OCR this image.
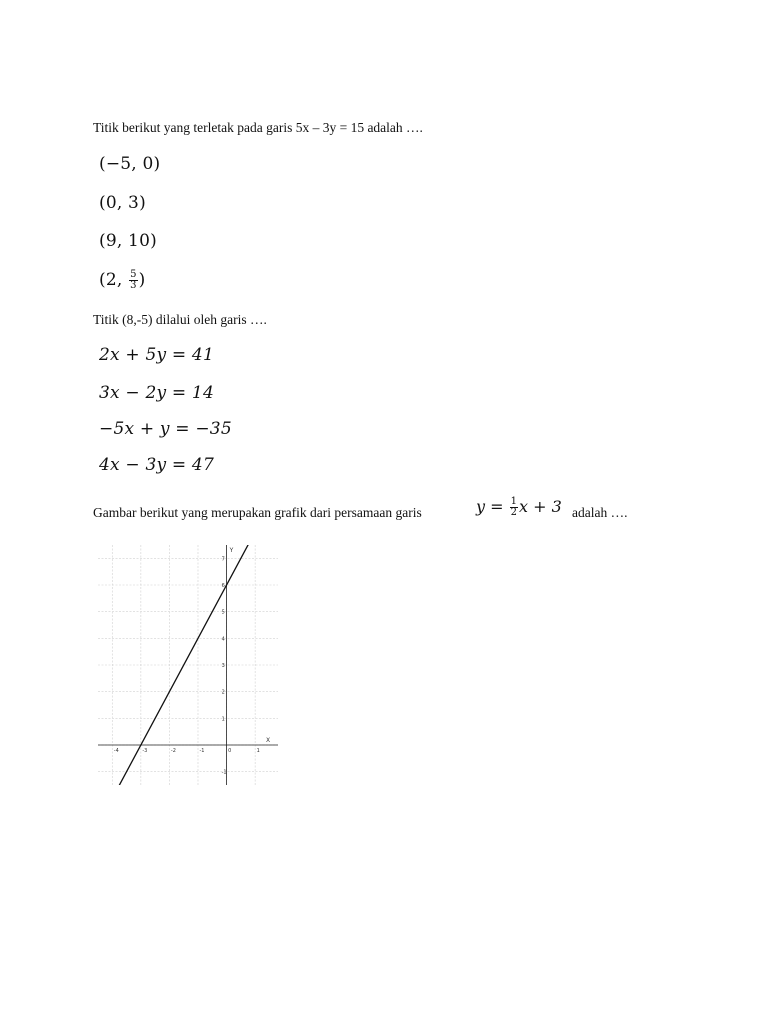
Titik berikut yang terletak pada garis 5x – 3y = 15 adalah ….
(−5, 0)
(0, 3)
(9, 10)
(2, $\frac{5}{3}$ )
Titik (8,-5) dilalui oleh garis ….
2x + 5y = 41
3x − 2y = 14
−5x + y = −35
4x − 3y = 47
Gambar berikut yang merupakan grafik dari persamaan garis	$y = \frac{1}{2}$ x + 3 adalah ….
-4	-3	-2	-1	0	1
7
6
5
4
3
2
1
-1
X
Y
